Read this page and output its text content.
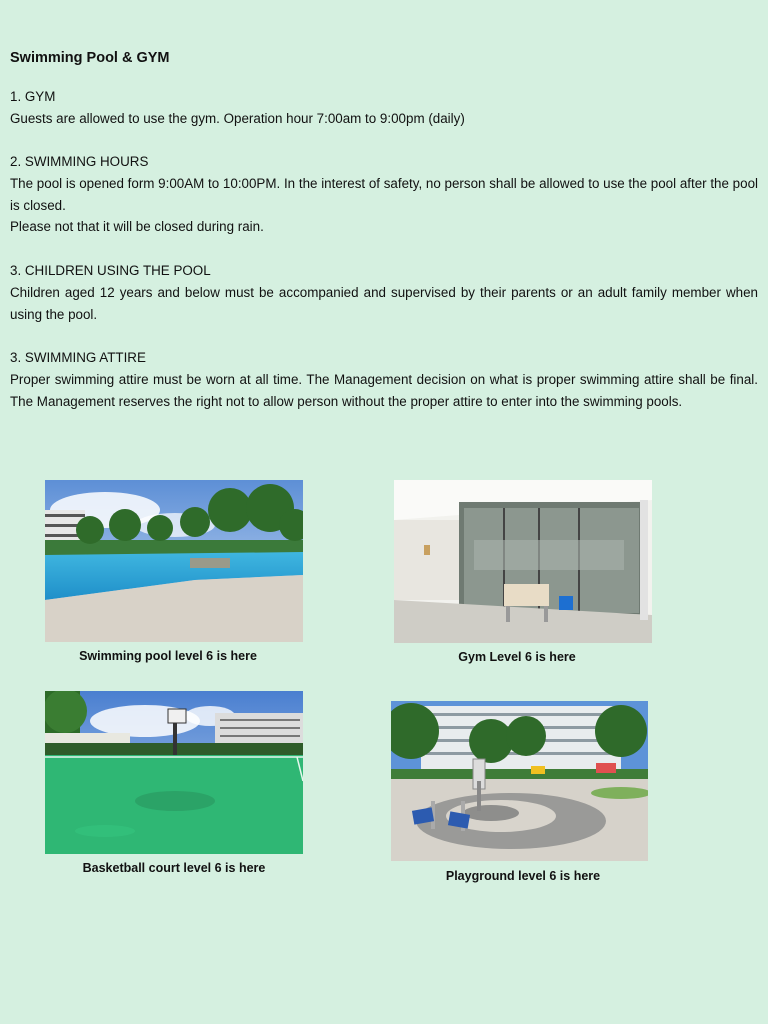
Swimming Pool & GYM
1. GYM
Guests are allowed to use the gym. Operation hour 7:00am to 9:00pm (daily)
2. SWIMMING HOURS
The pool is opened form 9:00AM to 10:00PM. In the interest of safety, no person shall be allowed to use the pool after the pool is closed.
Please not that it will be closed during rain.
3. CHILDREN USING THE POOL
Children aged 12 years and below must be accompanied and supervised by their parents or an adult family member when using the pool.
3. SWIMMING ATTIRE
Proper swimming attire must be worn at all time. The Management decision on what is proper swimming attire shall be final. The Management reserves the right not to allow person without the proper attire to enter into the swimming pools.
Swimming pool level 6 is here	Gym Level 6 is here
Basketball court level 6 is here
Playground level 6 is here
